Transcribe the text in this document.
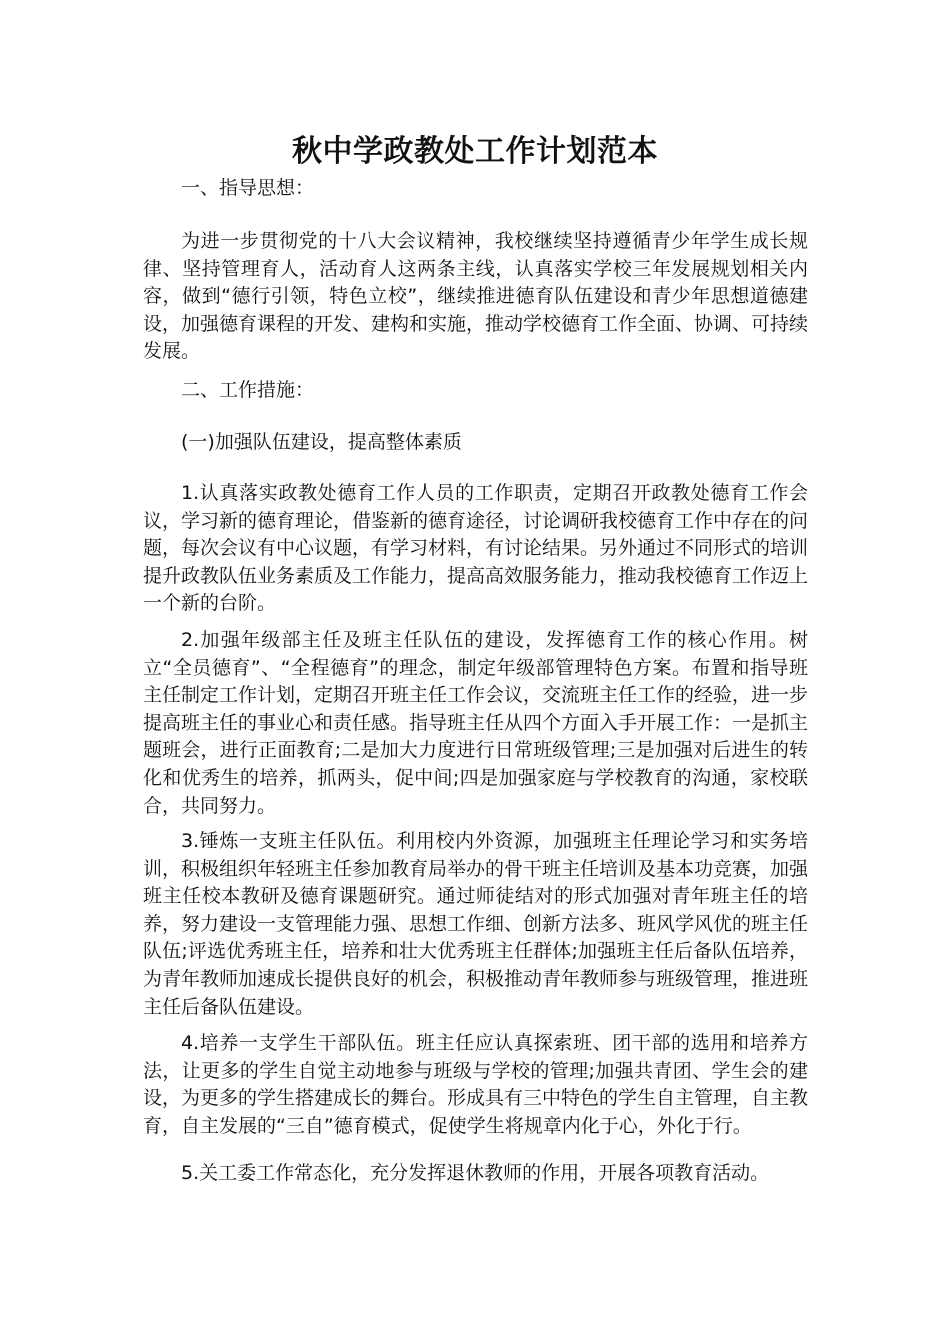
秋中学政教处工作计划范本
一、指导思想：
为进一步贯彻党的十八大会议精神，我校继续坚持遵循青少年学生成长规律、坚持管理育人，活动育人这两条主线，认真落实学校三年发展规划相关内容，做到“德行引领，特色立校”，继续推进德育队伍建设和青少年思想道德建设，加强德育课程的开发、建构和实施，推动学校德育工作全面、协调、可持续发展。
二、工作措施：
(一)加强队伍建设，提高整体素质
1.认真落实政教处德育工作人员的工作职责，定期召开政教处德育工作会议，学习新的德育理论，借鉴新的德育途径，讨论调研我校德育工作中存在的问题，每次会议有中心议题，有学习材料，有讨论结果。另外通过不同形式的培训提升政教队伍业务素质及工作能力，提高高效服务能力，推动我校德育工作迈上一个新的台阶。
2.加强年级部主任及班主任队伍的建设，发挥德育工作的核心作用。树立“全员德育”、“全程德育”的理念，制定年级部管理特色方案。布置和指导班主任制定工作计划，定期召开班主任工作会议，交流班主任工作的经验，进一步提高班主任的事业心和责任感。指导班主任从四个方面入手开展工作：一是抓主题班会，进行正面教育;二是加大力度进行日常班级管理;三是加强对后进生的转化和优秀生的培养，抓两头，促中间;四是加强家庭与学校教育的沟通，家校联合，共同努力。
3.锤炼一支班主任队伍。利用校内外资源，加强班主任理论学习和实务培训，积极组织年轻班主任参加教育局举办的骨干班主任培训及基本功竞赛，加强班主任校本教研及德育课题研究。通过师徒结对的形式加强对青年班主任的培养，努力建设一支管理能力强、思想工作细、创新方法多、班风学风优的班主任队伍;评选优秀班主任，培养和壮大优秀班主任群体;加强班主任后备队伍培养，为青年教师加速成长提供良好的机会，积极推动青年教师参与班级管理，推进班主任后备队伍建设。
4.培养一支学生干部队伍。班主任应认真探索班、团干部的选用和培养方法，让更多的学生自觉主动地参与班级与学校的管理;加强共青团、学生会的建设，为更多的学生搭建成长的舞台。形成具有三中特色的学生自主管理，自主教育，自主发展的“三自”德育模式，促使学生将规章内化于心，外化于行。
5.关工委工作常态化，充分发挥退休教师的作用，开展各项教育活动。
